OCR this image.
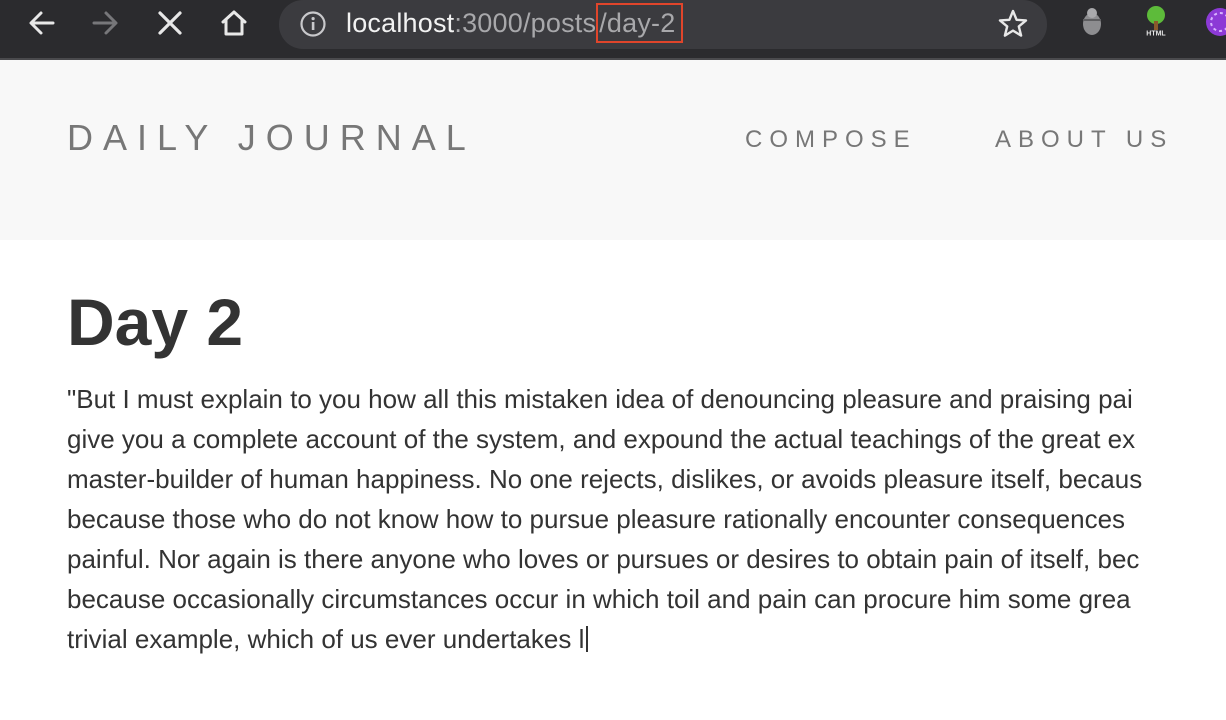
localhost:3000/posts /day-2	HTML
DAILY JOURNAL	COMPOSE	ABOUT US
Day 2
"But I must explain to you how all this mistaken idea of denouncing pleasure and praising pai
give you a complete account of the system, and expound the actual teachings of the great ex
master-builder of human happiness. No one rejects, dislikes, or avoids pleasure itself, becaus
because those who do not know how to pursue pleasure rationally encounter consequences
painful. Nor again is there anyone who loves or pursues or desires to obtain pain of itself, bec
because occasionally circumstances occur in which toil and pain can procure him some grea
trivial example, which of us ever undertakes l
